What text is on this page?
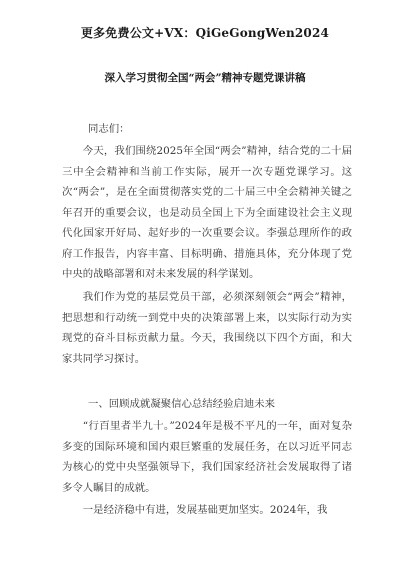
更多免费公文+VX：QiGeGongWen2024
深入学习贯彻全国“两会”精神专题党课讲稿
同志们：

今天，我们围绕2025年全国“两会”精神，结合党的二十届三中全会精神和当前工作实际，展开一次专题党课学习。这次“两会”，是在全面贯彻落实党的二十届三中全会精神关键之年召开的重要会议，也是动员全国上下为全面建设社会主义现代化国家开好局、起好步的一次重要会议。李强总理所作的政府工作报告，内容丰富、目标明确、措施具体，充分体现了党中央的战略部署和对未来发展的科学谋划。

我们作为党的基层党员干部，必须深刻领会“两会”精神，把思想和行动统一到党中央的决策部署上来，以实际行动为实现党的奋斗目标贡献力量。今天，我围绕以下四个方面，和大家共同学习探讨。

一、回顾成就凝聚信心总结经验启迪未来

“行百里者半九十。”2024年是极不平凡的一年，面对复杂多变的国际环境和国内艰巨繁重的发展任务，在以习近平同志为核心的党中央坚强领导下，我们国家经济社会发展取得了诸多令人瞩目的成就。

一是经济稳中有进，发展基础更加坚实。2024年，我
